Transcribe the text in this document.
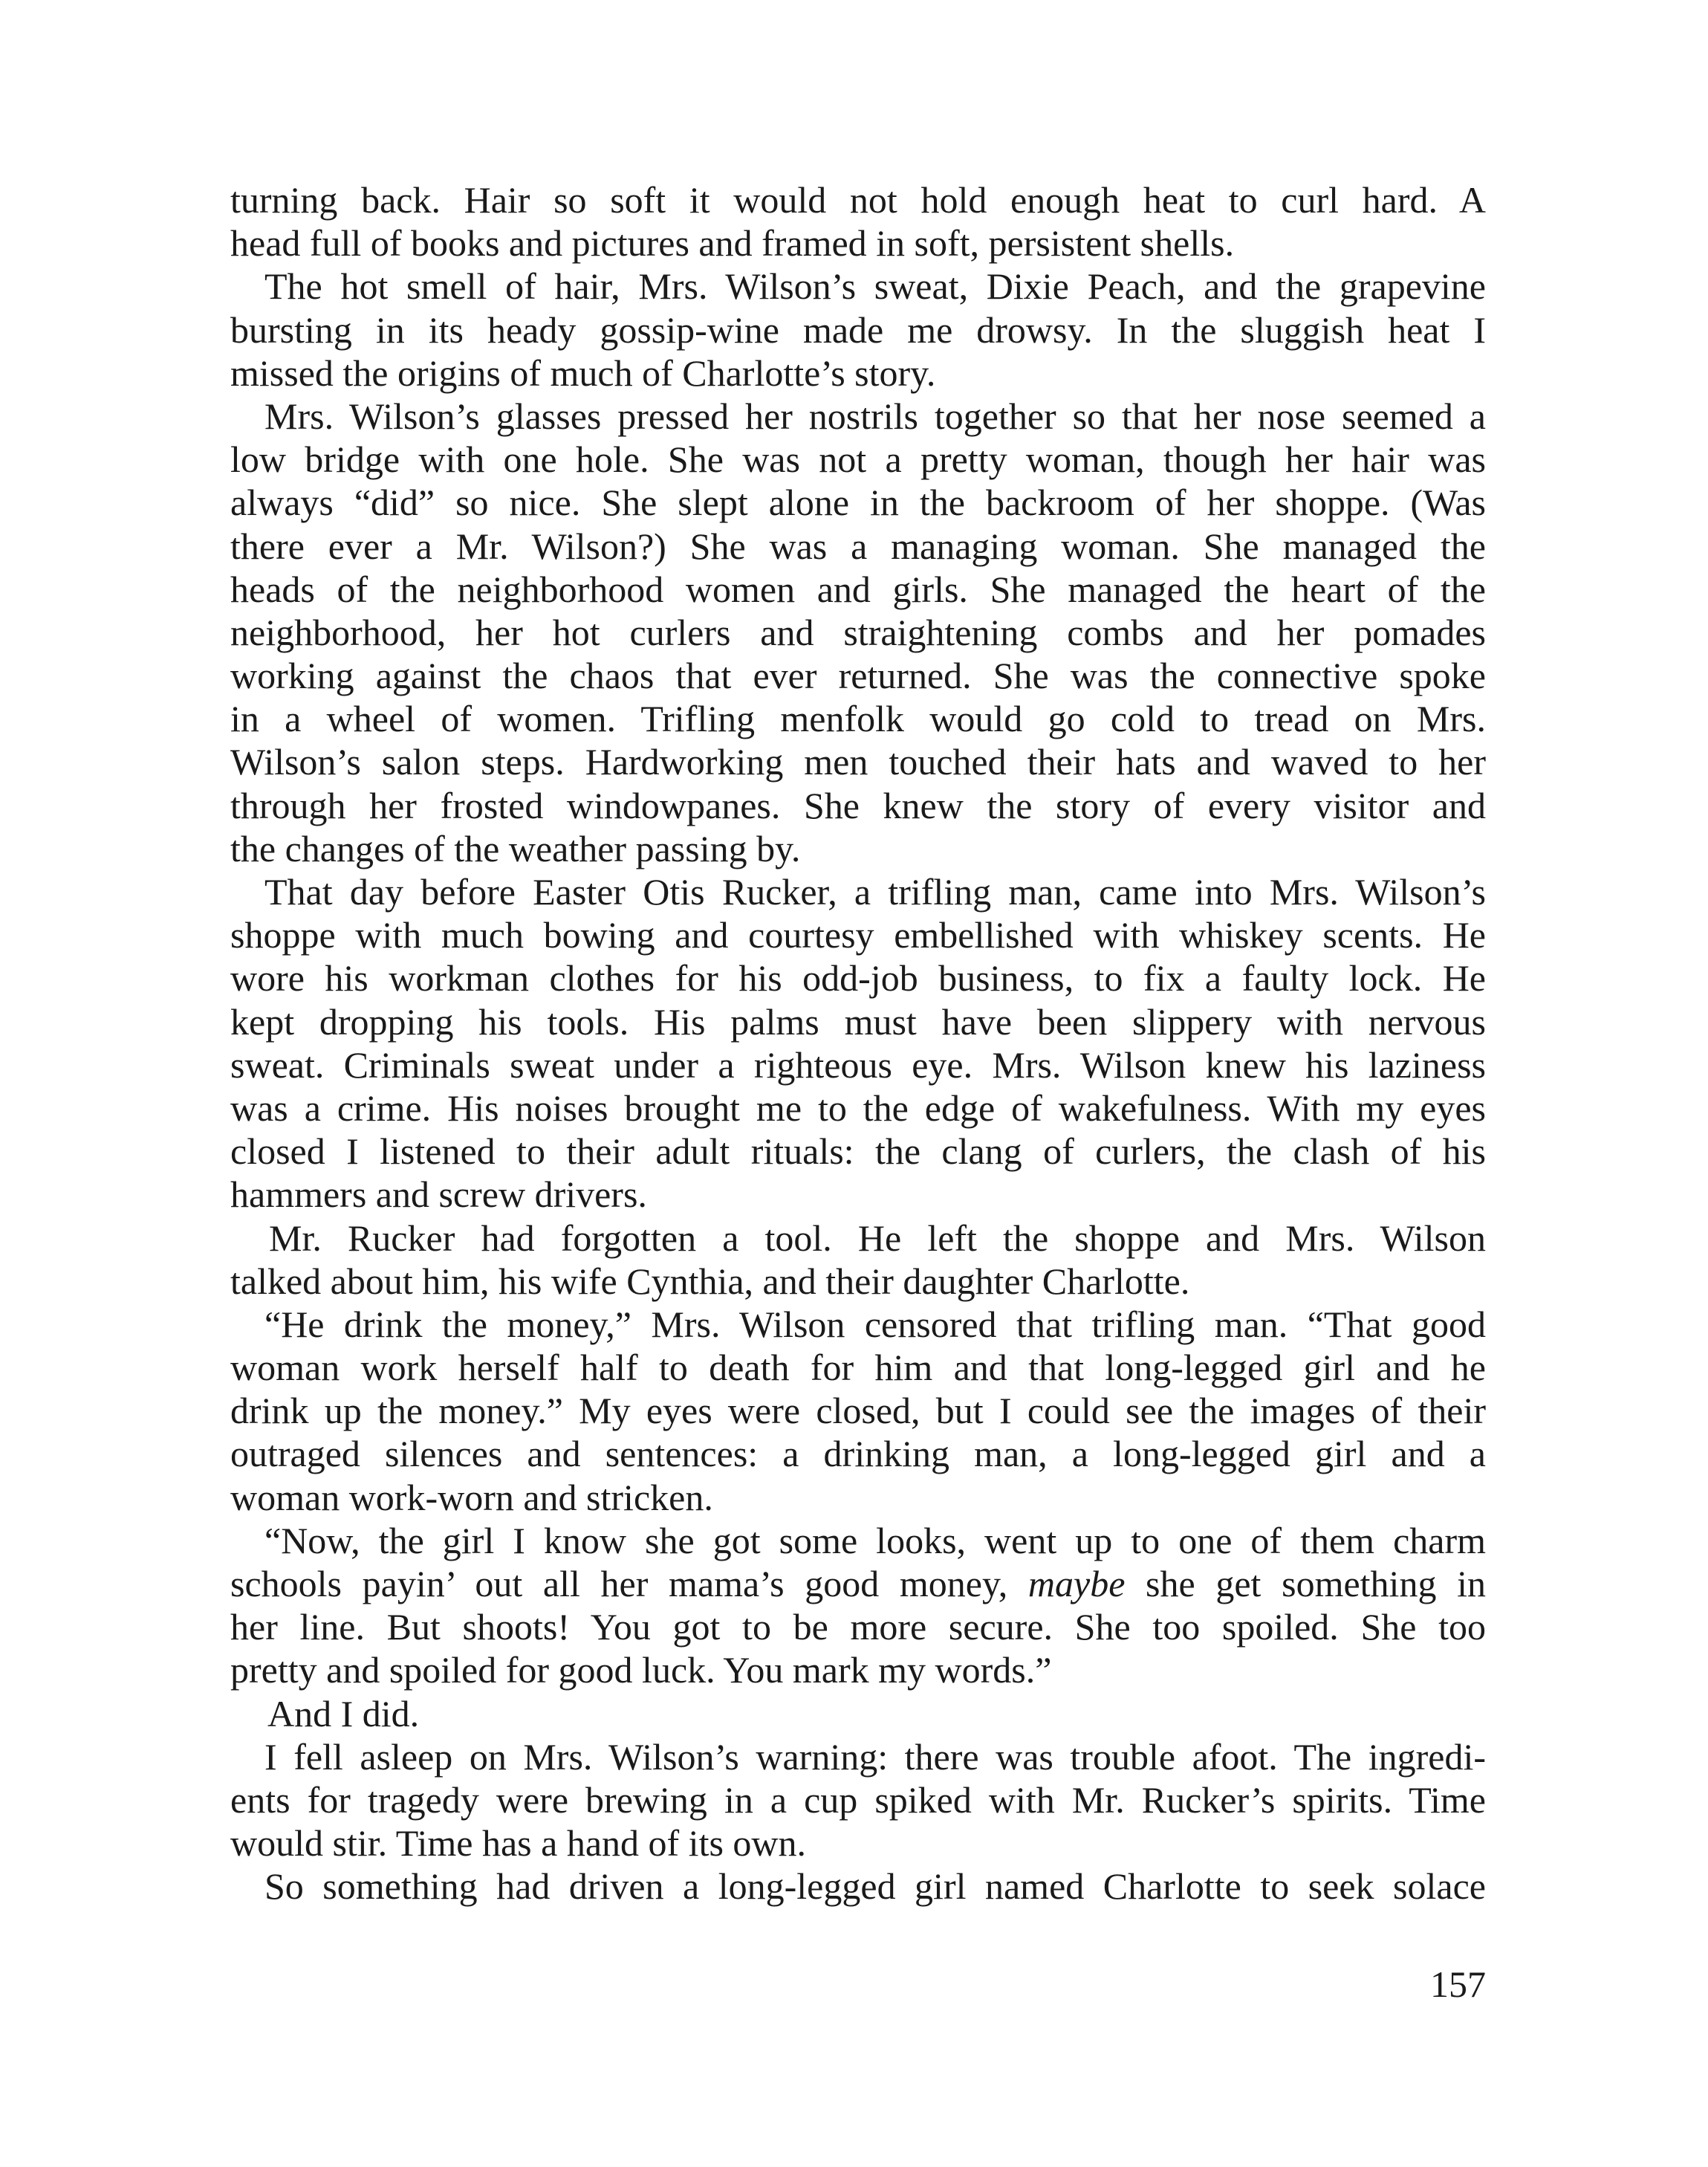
turning back. Hair so soft it would not hold enough heat to curl hard. A
head full of books and pictures and framed in soft, persistent shells.
The hot smell of hair, Mrs. Wilson’s sweat, Dixie Peach, and the grapevine
bursting in its heady gossip-wine made me drowsy. In the sluggish heat I
missed the origins of much of Charlotte’s story.
Mrs. Wilson’s glasses pressed her nostrils together so that her nose seemed a
low bridge with one hole. She was not a pretty woman, though her hair was
always “did” so nice. She slept alone in the backroom of her shoppe. (Was
there ever a Mr. Wilson?) She was a managing woman. She managed the
heads of the neighborhood women and girls. She managed the heart of the
neighborhood, her hot curlers and straightening combs and her pomades
working against the chaos that ever returned. She was the connective spoke
in a wheel of women. Trifling menfolk would go cold to tread on Mrs.
Wilson’s salon steps. Hardworking men touched their hats and waved to her
through her frosted windowpanes. She knew the story of every visitor and
the changes of the weather passing by.
That day before Easter Otis Rucker, a trifling man, came into Mrs. Wilson’s
shoppe with much bowing and courtesy embellished with whiskey scents. He
wore his workman clothes for his odd-job business, to fix a faulty lock. He
kept dropping his tools. His palms must have been slippery with nervous
sweat. Criminals sweat under a righteous eye. Mrs. Wilson knew his laziness
was a crime. His noises brought me to the edge of wakefulness. With my eyes
closed I listened to their adult rituals: the clang of curlers, the clash of his
hammers and screw drivers.
Mr. Rucker had forgotten a tool. He left the shoppe and Mrs. Wilson
talked about him, his wife Cynthia, and their daughter Charlotte.
“He drink the money,” Mrs. Wilson censored that trifling man. “That good
woman work herself half to death for him and that long-legged girl and he
drink up the money.” My eyes were closed, but I could see the images of their
outraged silences and sentences: a drinking man, a long-legged girl and a
woman work-worn and stricken.
“Now, the girl I know she got some looks, went up to one of them charm
schools payin’ out all her mama’s good money, maybe she get something in
her line. But shoots! You got to be more secure. She too spoiled. She too
pretty and spoiled for good luck. You mark my words.”
And I did.
I fell asleep on Mrs. Wilson’s warning: there was trouble afoot. The ingredi-
ents for tragedy were brewing in a cup spiked with Mr. Rucker’s spirits. Time
would stir. Time has a hand of its own.
So something had driven a long-legged girl named Charlotte to seek solace
157
